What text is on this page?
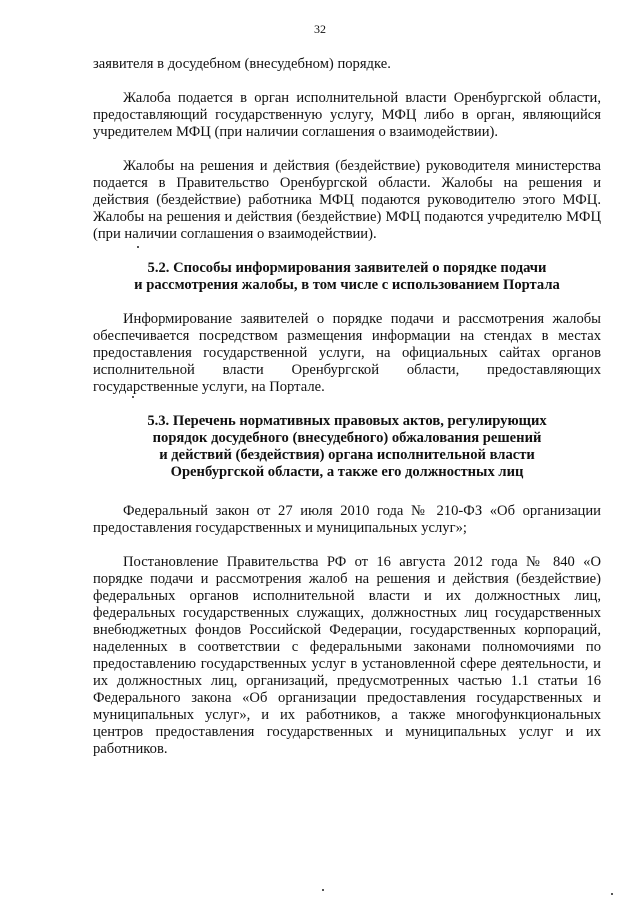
32

заявителя в досудебном (внесудебном) порядке.

Жалоба подается в орган исполнительной власти Оренбургской области, предоставляющий государственную услугу, МФЦ либо в орган, являющийся учредителем МФЦ (при наличии соглашения о взаимодействии).

Жалобы на решения и действия (бездействие) руководителя министерства подается в Правительство Оренбургской области. Жалобы на решения и действия (бездействие) работника МФЦ подаются руководителю этого МФЦ. Жалобы на решения и действия (бездействие) МФЦ подаются учредителю МФЦ (при наличии соглашения о взаимодействии).

5.2. Способы информирования заявителей о порядке подачи

и рассмотрения жалобы, в том числе с использованием Портала

Информирование заявителей о порядке подачи и рассмотрения жалобы обеспечивается посредством размещения информации на стендах в местах предоставления государственной услуги, на официальных сайтах органов исполнительной власти Оренбургской области, предоставляющих государственные услуги, на Портале.

5.3. Перечень нормативных правовых актов, регулирующих

порядок досудебного (внесудебного) обжалования решений

и действий (бездействия) органа исполнительной власти

Оренбургской области, а также его должностных лиц

Федеральный закон от 27 июля 2010 года № 210-ФЗ «Об организации предоставления государственных и муниципальных услуг»;

Постановление Правительства РФ от 16 августа 2012 года № 840 «О порядке подачи и рассмотрения жалоб на решения и действия (бездействие) федеральных органов исполнительной власти и их должностных лиц, федеральных государственных служащих, должностных лиц государственных внебюджетных фондов Российской Федерации, государственных корпораций, наделенных в соответствии с федеральными законами полномочиями по предоставлению государственных услуг в установленной сфере деятельности, и их должностных лиц, организаций, предусмотренных частью 1.1 статьи 16 Федерального закона «Об организации предоставления государственных и муниципальных услуг», и их работников, а также многофункциональных центров предоставления государственных и муниципальных услуг и их работников.
